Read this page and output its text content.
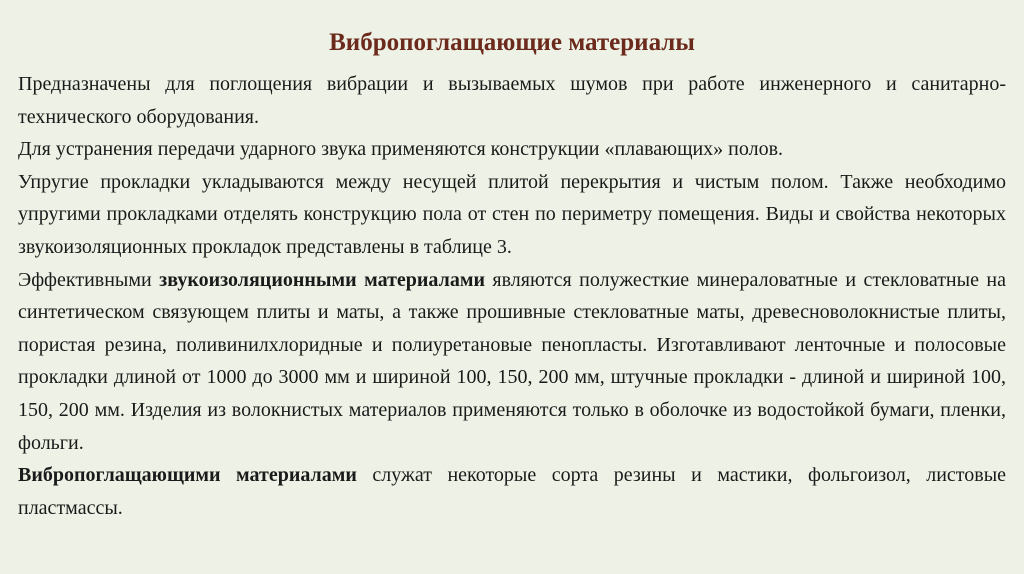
Вибропоглащающие материалы

Предназначены для поглощения вибрации и вызываемых шумов при работе инженерного и санитарно-технического оборудования.

Для устранения передачи ударного звука применяются конструкции «плавающих» полов.

Упругие прокладки укладываются между несущей плитой перекрытия и чистым полом. Также необходимо упругими прокладками отделять конструкцию пола от стен по периметру помещения. Виды и свойства некоторых звукоизоляционных прокладок представлены в таблице 3.

Эффективными звукоизоляционными материалами являются полужесткие минераловатные и стекловатные на синтетическом связующем плиты и маты, а также прошивные стекловатные маты, древесноволокнистые плиты, пористая резина, поливинилхлоридные и полиуретановые пенопласты. Изготавливают ленточные и полосовые прокладки длиной от 1000 до 3000 мм и шириной 100, 150, 200 мм, штучные прокладки - длиной и шириной 100, 150, 200 мм. Изделия из волокнистых материалов применяются только в оболочке из водостойкой бумаги, пленки, фольги.

Вибропоглащающими материалами служат некоторые сорта резины и мастики, фольгоизол, листовые пластмассы.
